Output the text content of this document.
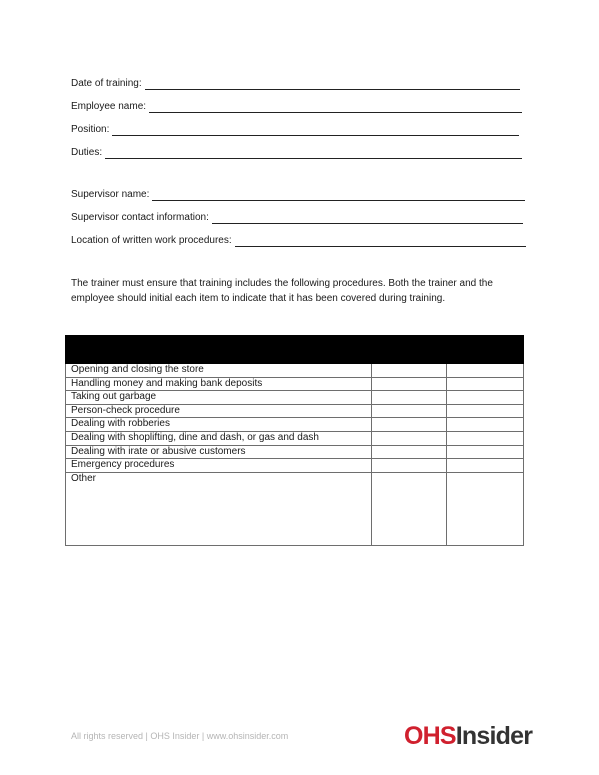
Date of training:
Employee name:
Position:
Duties:
Supervisor name:
Supervisor contact information:
Location of written work procedures:
The trainer must ensure that training includes the following procedures. Both the trainer and the employee should initial each item to indicate that it has been covered during training.

Opening and closing the store		
Handling money and making bank deposits		
Taking out garbage		
Person-check procedure		
Dealing with robberies		
Dealing with shoplifting, dine and dash, or gas and dash		
Dealing with irate or abusive customers		
Emergency procedures		
Other		
All rights reserved | OHS Insider | www.ohsinsider.com	OHSInsider
